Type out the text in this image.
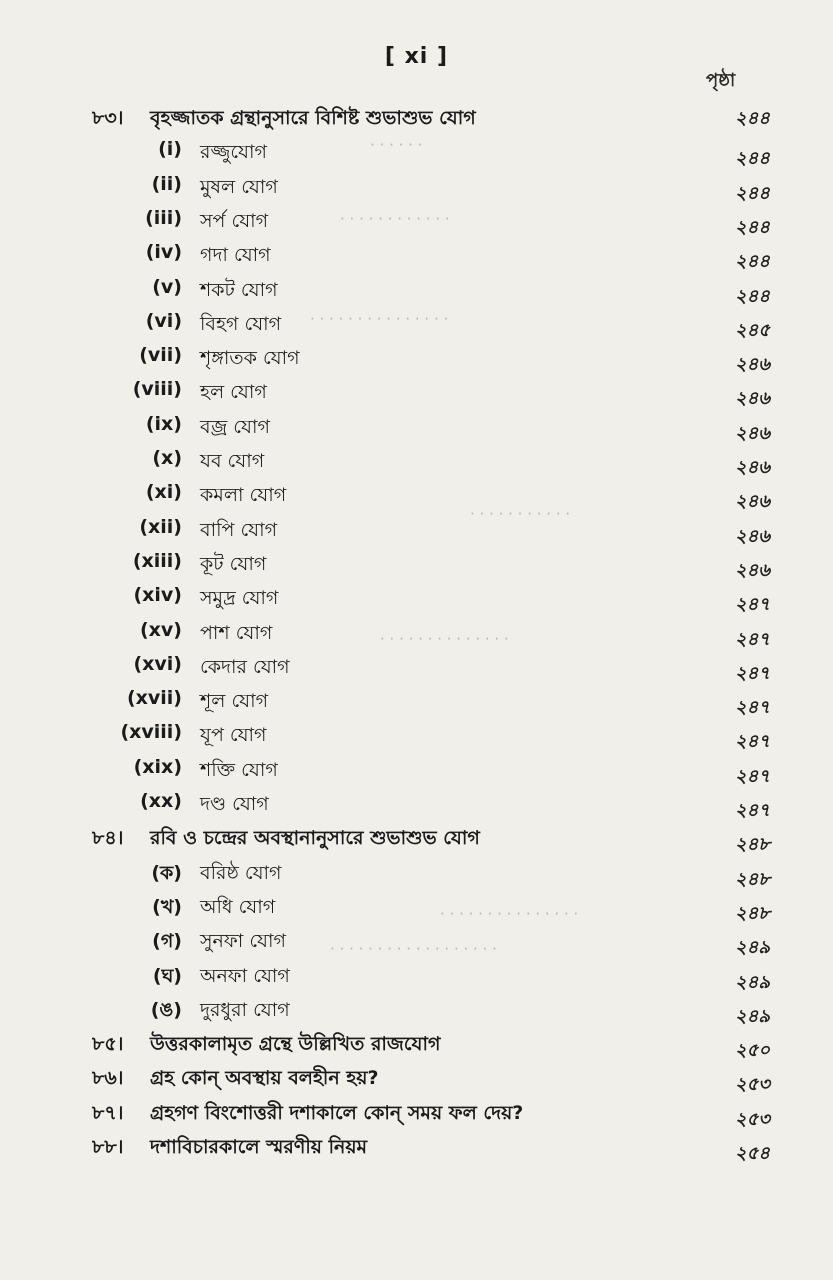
[ xi ]
পৃষ্ঠা
· · · · · ·
· · · · · · · · · · · ·
· · · · · · · · · · · · · · ·
· · · · · · · · · · ·
· · · · · · · · · · · · · ·
· · · · · · · · · · · · · · ·
· · · · · · · · · · · · · · · · · ·
৮৩। বৃহজ্জাতক গ্রন্থানুসারে বিশিষ্ট শুভাশুভ যোগ	২৪৪
(i) রজ্জুযোগ	২৪৪
(ii) মুষল যোগ	২৪৪
(iii) সর্প যোগ	২৪৪
(iv) গদা যোগ	২৪৪
(v) শকট যোগ	২৪৪
(vi) বিহগ যোগ	২৪৫
(vii) শৃঙ্গাতক যোগ	২৪৬
(viii) হল যোগ	২৪৬
(ix) বজ্র যোগ	২৪৬
(x) যব যোগ	২৪৬
(xi) কমলা যোগ	২৪৬
(xii) বাপি যোগ	২৪৬
(xiii) কূট যোগ	২৪৬
(xiv) সমুদ্র যোগ	২৪৭
(xv) পাশ যোগ	২৪৭
(xvi) কেদার যোগ	২৪৭
(xvii) শূল যোগ	২৪৭
(xviii) যূপ যোগ	২৪৭
(xix) শক্তি যোগ	২৪৭
(xx) দণ্ড যোগ	২৪৭
৮৪। রবি ও চন্দ্রের অবস্থানানুসারে শুভাশুভ যোগ	২৪৮
(ক) বরিষ্ঠ যোগ	২৪৮
(খ) অধি যোগ	২৪৮
(গ) সুনফা যোগ	২৪৯
(ঘ) অনফা যোগ	২৪৯
(ঙ) দুরধুরা যোগ	২৪৯
৮৫। উত্তরকালামৃত গ্রন্থে উল্লিখিত রাজযোগ	২৫০
৮৬। গ্রহ কোন্ অবস্থায় বলহীন হয়?	২৫৩
৮৭। গ্রহগণ বিংশোত্তরী দশাকালে কোন্ সময় ফল দেয়?	২৫৩
৮৮। দশাবিচারকালে স্মরণীয় নিয়ম	২৫৪
